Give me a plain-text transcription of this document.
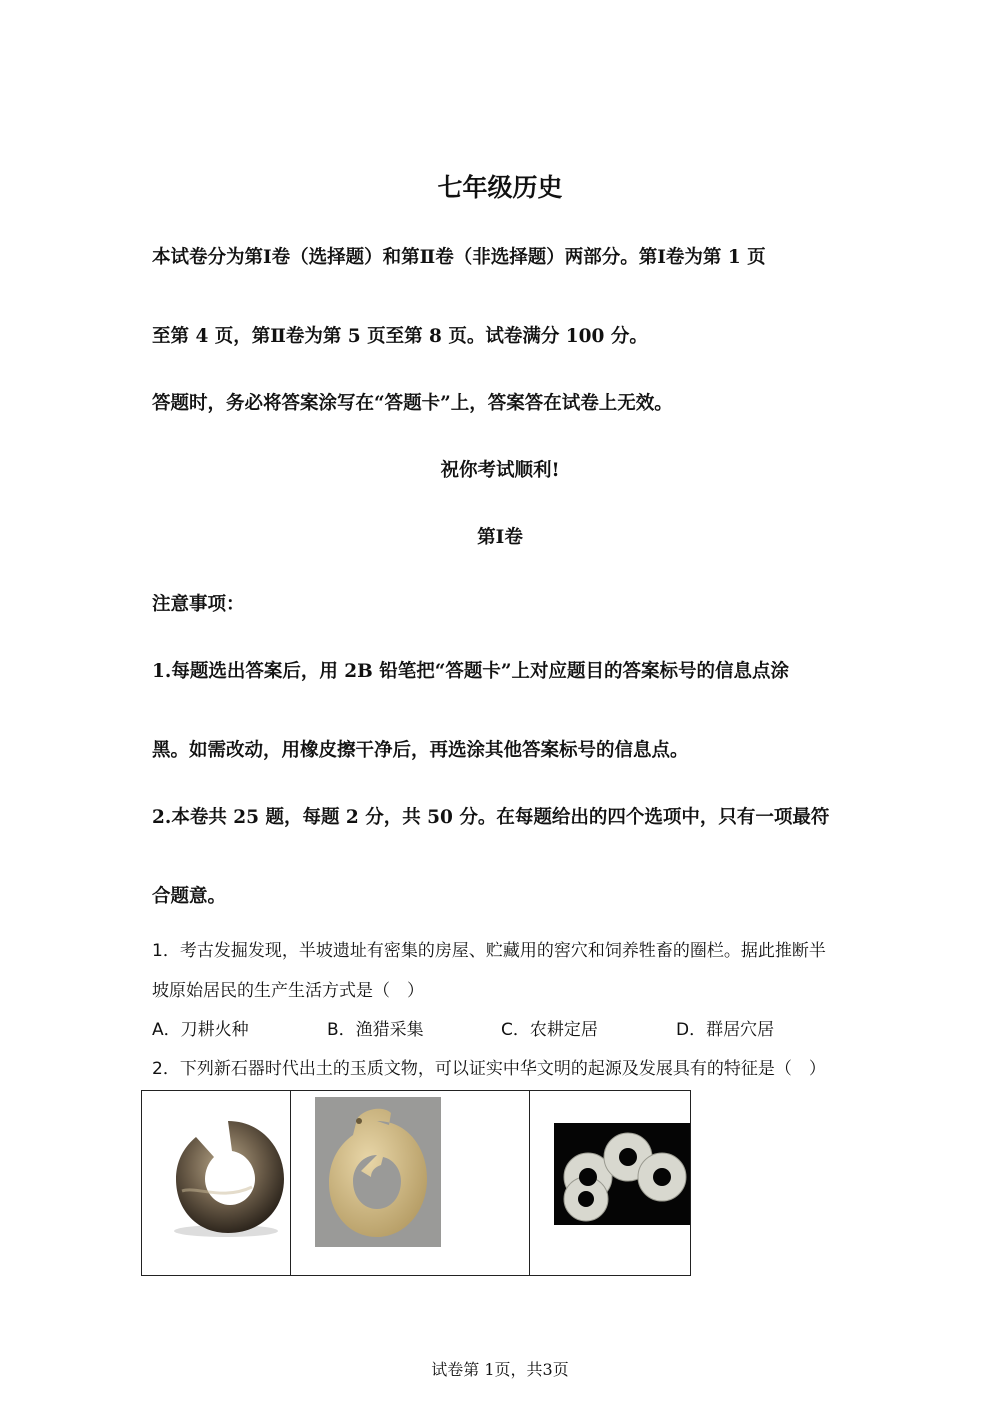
七年级历史
本试卷分为第Ⅰ卷（选择题）和第Ⅱ卷（非选择题）两部分。第Ⅰ卷为第 1 页
至第 4 页，第Ⅱ卷为第 5 页至第 8 页。试卷满分 100 分。
答题时，务必将答案涂写在“答题卡”上，答案答在试卷上无效。
祝你考试顺利!
第Ⅰ卷
注意事项：
1.每题选出答案后，用 2B 铅笔把“答题卡”上对应题目的答案标号的信息点涂
黑。如需改动，用橡皮擦干净后，再选涂其他答案标号的信息点。
2.本卷共 25 题，每题 2 分，共 50 分。在每题给出的四个选项中，只有一项最符
合题意。
1．考古发掘发现，半坡遗址有密集的房屋、贮藏用的窖穴和饲养牲畜的圈栏。据此推断半
坡原始居民的生产生活方式是（　）
A．刀耕火种	B．渔猎采集	C．农耕定居	D．群居穴居
2．下列新石器时代出土的玉质文物，可以证实中华文明的起源及发展具有的特征是（　）

试卷第 1页，共3页
